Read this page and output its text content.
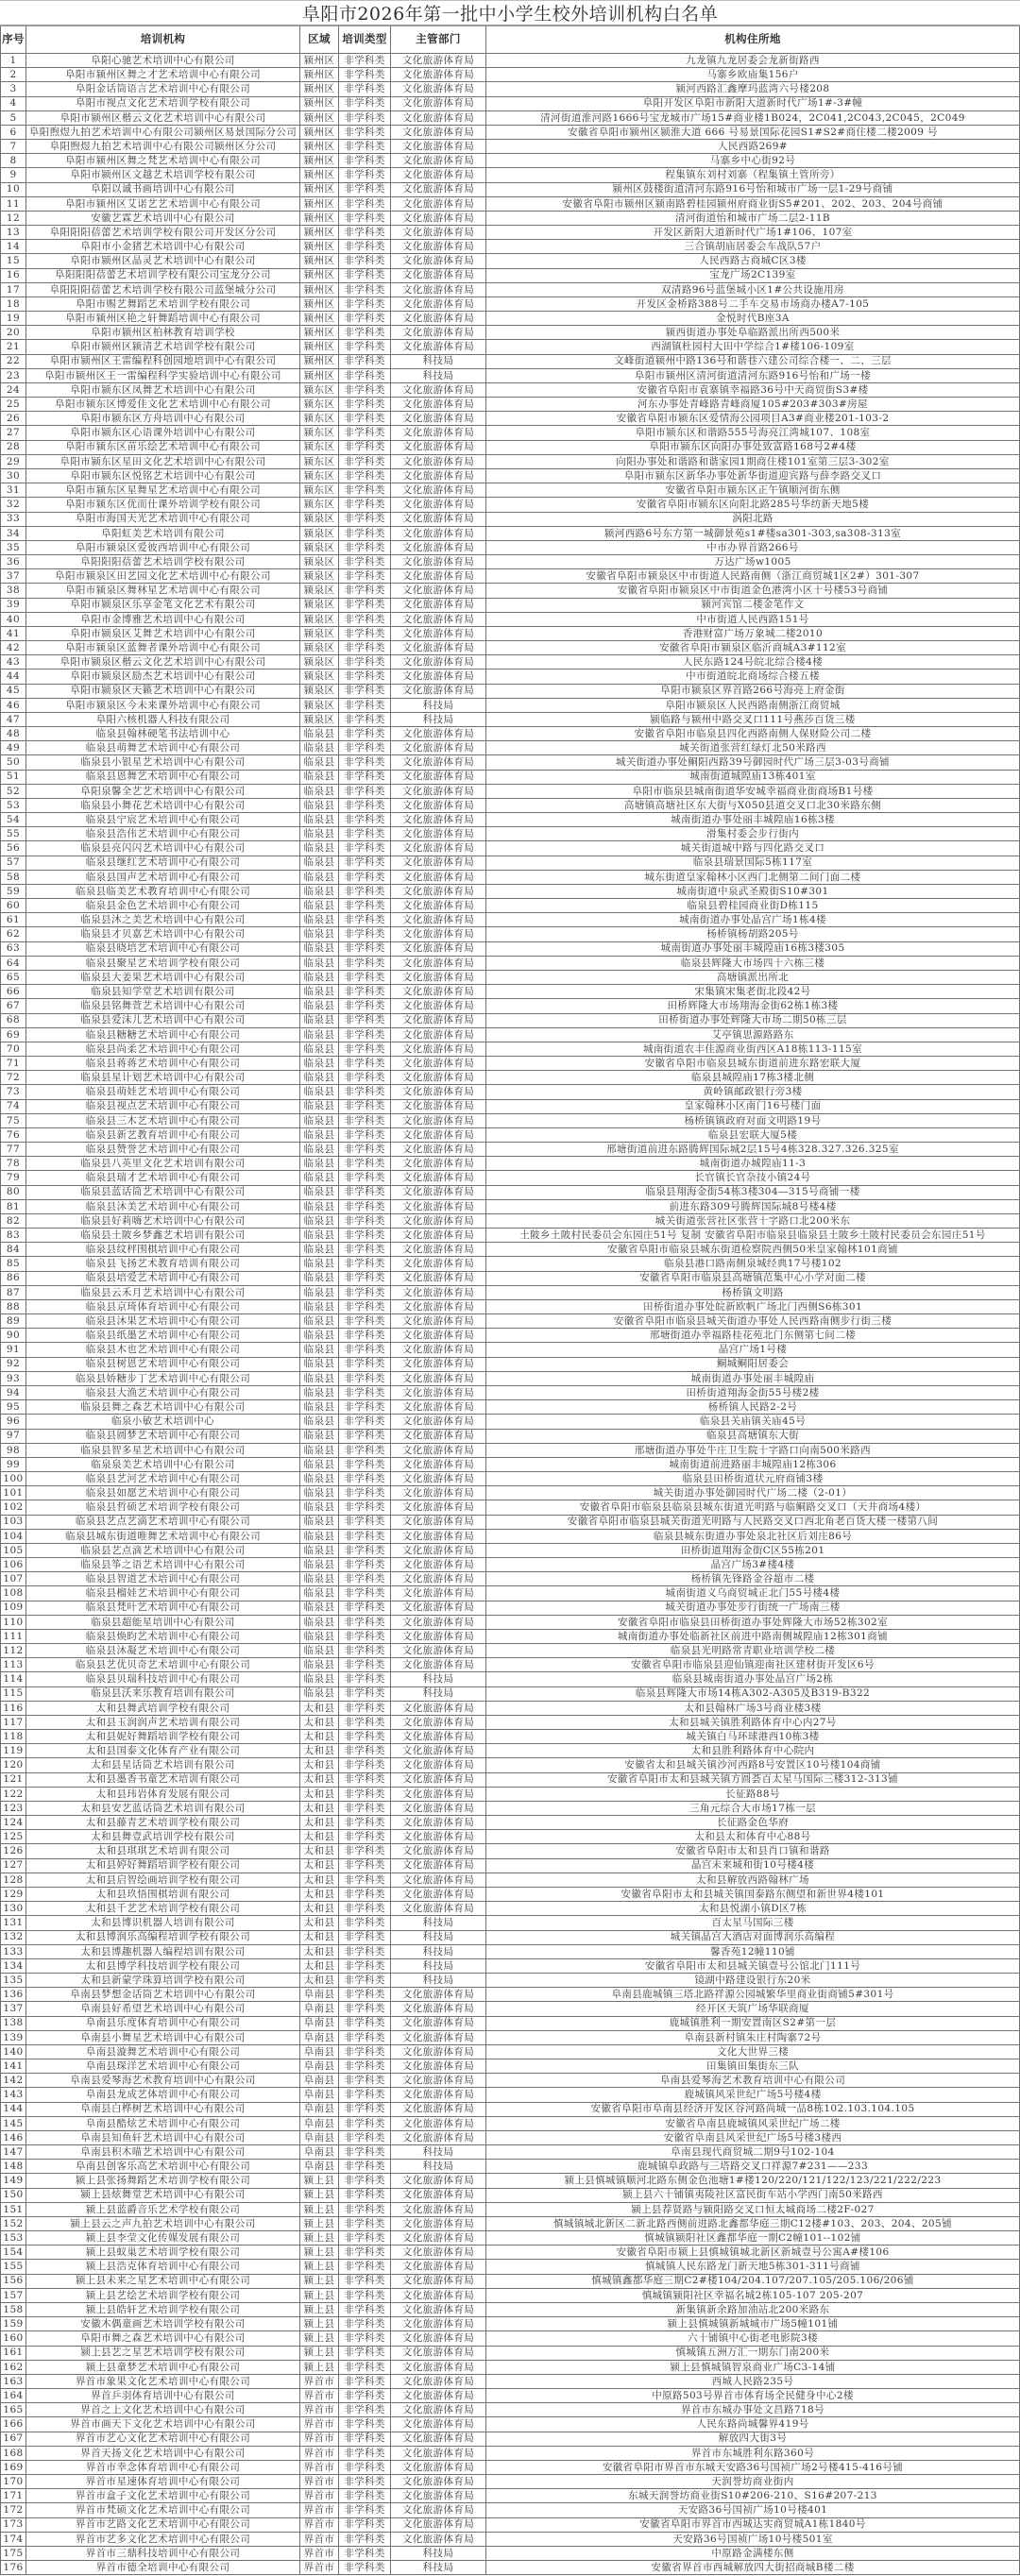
阜阳市2026年第一批中小学生校外培训机构白名单
序号	培训机构	区域	培训类型	主管部门	机构住所地
1	阜阳心驰艺术培训中心有限公司	颍州区 非学科类	文化旅游体育局	九龙镇九龙居委会龙新街路西
2	阜阳市颍州区舞之才艺术培训中心有限公司	颍州区 非学科类	文化旅游体育局	马寨乡欧庙集156户
3	阜阳金话筒语言艺术培训中心有限公司	颍州区 非学科类	文化旅游体育局	颍河西路汇鑫摩玛蓝湾六号楼208
4	阜阳市视点文化艺术培训学校有限公司	颍州区 非学科类	文化旅游体育局	阜阳开发区阜阳市新阳大道新时代广场1#-3#幢
5	阜阳市颍州区楷云文化艺术培训中心有限公司	颍州区 非学科类	文化旅游体育局	清河街道淮河路1666号宝龙城市广场15#商业楼1B024，2C041,2C043,2C045，2C049
6	阜阳煦煜九拍艺术培训中心有限公司颍州区易景国际分公司 颍州区 非学科类	文化旅游体育局	安徽省阜阳市颍州区颍淮大道 666 号易景国际花园S1#S2#商住楼二楼2009 号
7	阜阳煦煜九拍艺术培训中心有限公司颍州区分公司	颍州区 非学科类	文化旅游体育局	人民西路269#
8	阜阳市颍州区舞之梵艺术培训中心有限公司	颍州区 非学科类	文化旅游体育局	马寨乡中心街92号
9	阜阳市颍州区文越艺术培训学校有限公司	颍州区 非学科类	文化旅游体育局	程集镇东刘村刘寨（程集镇土管所旁）
10	阜阳以诚书画培训中心有限公司	颍州区 非学科类	文化旅游体育局	颍州区鼓楼街道清河东路916号怡和城市广场一层1-29号商铺
11	阜阳市颍州区艾诺艺艺术培训中心有限公司	颍州区 非学科类	文化旅游体育局	安徽省阜阳市颍州区颍南路碧桂园颍州府商业街S5#201、202、203、204号商铺
12	安徽艺霖艺术培训中心有限公司	颍州区 非学科类	文化旅游体育局	清河街道怡和城市广场二层2-11B
13	阜阳阳阳蓓蕾艺术培训学校有限公司开发区分公司	颍州区 非学科类	文化旅游体育局	开发区新阳大道新时代广场1#106、107室
14	阜阳市小金猪艺术培训中心有限公司	颍州区 非学科类	文化旅游体育局	三合镇胡庙居委会车战队57户
15	阜阳市颍州区晶灵艺术培训中心有限公司	颍州区 非学科类	文化旅游体育局	人民西路古商城C区3楼
16	阜阳阳阳蓓蕾艺术培训学校有限公司宝龙分公司	颍州区 非学科类	文化旅游体育局	宝龙广场2C139室
17	阜阳阳阳蓓蕾艺术培训学校有限公司蓝堡城分公司	颍州区 非学科类	文化旅游体育局	双清路96号蓝堡城小区1#公共设施用房
18	阜阳市赐艺舞蹈艺术培训学校有限公司	颍州区 非学科类	文化旅游体育局	开发区金桥路388号二手车交易市场商办楼A7-105
19	阜阳市颍州区艳之轩舞蹈培训中心有限公司	颍州区 非学科类	文化旅游体育局	金悦时代B座3A
20	阜阳市颍州区柏林教育培训学校	颍州区 非学科类	文化旅游体育局	颍西街道办事处阜临路派出所西500米
21	阜阳市颍州区颍清艺术培训学校有限公司	颍州区 非学科类	文化旅游体育局	西湖镇杜园村大田中学综合1#楼106-109室
22	阜阳市颍州区王雷编程科创园地培训中心有限公司	颍州区 非学科类	科技局	文峰街道颍州中路136号和谐巷六建公司综合楼一、二、三层
23	阜阳市颍州区王一雷编程科学实验培训中心有限公司	颍州区 非学科类	科技局	阜阳市颍州区清河街道清河东路916号怡和广场一楼
24	阜阳市颍东区凤舞艺术培训中心有限公司	颍东区 非学科类	文化旅游体育局	安徽省阜阳市袁寨镇幸福路36号中天商贸街S3#楼
25	阜阳市颍东区博爱佳文化艺术培训中心有限公司	颍东区 非学科类	文化旅游体育局	河东办事处青峰路青峰商厦105#203#303#房屋
26	阜阳市颍东区方舟培训中心有限公司	颍东区 非学科类	文化旅游体育局	安徽省阜阳市颍东区爱情海公园项目A3#商业楼201-103-2
27	阜阳市颍东区心语课外培训中心有限公司	颍东区 非学科类	文化旅游体育局	阜阳市颍东区和谐路555号海亮江湾城107、108室
28	阜阳市颍东区苗乐绘艺术培训中心有限公司	颍东区 非学科类	文化旅游体育局	阜阳市颍东区向阳办事处致富路168号2#4楼
29	阜阳市颍东区星田文化艺术培训中心有限公司	颍东区 非学科类	文化旅游体育局	向阳办事处和谐路和谐家园1期商住楼101室第三层3-302室
30	阜阳市颍东区悦铭艺术培训中心有限公司	颍东区 非学科类	文化旅游体育局	阜阳市颍东区新华办事处新华街道迎宾路与薛李路交叉口
31	阜阳市颍东区星舞星艺术培训中心有限公司	颍东区 非学科类	文化旅游体育局	安徽省阜阳市颍东区正午镇顺河街东侧
32	阜阳市颍东区优而仕课外培训学校有限公司	颍东区 非学科类	文化旅游体育局	安徽省阜阳市颍东区向阳北路285号华纺新天地5楼
33	阜阳市海国天光艺术培训中心有限公司	颍泉区 非学科类	文化旅游体育局	涡阳北路
34	阜阳虹美艺术培训有限公司	颍泉区 非学科类	文化旅游体育局	颍河西路6号东方第一城御景苑s1#楼sa301-303,sa308-313室
35	阜阳市颍泉区爱彼西培训中心有限公司	颍泉区 非学科类	文化旅游体育局	中市办界首路266号
36	阜阳阳阳蓓蕾艺术培训学校有限公司	颍泉区 非学科类	文化旅游体育局	万达广场w1005
37	阜阳市颍泉区田艺园文化艺术培训中心有限公司	颍泉区 非学科类	文化旅游体育局	安徽省阜阳市颍泉区中市街道人民路南侧（浙江商贸城1区2#）301-307
38	阜阳市颍泉区舞林星艺术培训中心有限公司	颍泉区 非学科类	文化旅游体育局	安徽省阜阳市颍泉区中市街道金色港湾小区十号楼53号商铺
39	阜阳市颍泉区乐享金笔文化艺术有限公司	颍泉区 非学科类	文化旅游体育局	颍河宾馆二楼金笔作文
40	阜阳市金博雅艺术培训中心有限公司	颍泉区 非学科类	文化旅游体育局	中市街道人民西路151号
41	阜阳市颍泉区艾舞艺术培训中心有限公司	颍泉区 非学科类	文化旅游体育局	香港财富广场万象城二楼2010
42	阜阳市颍泉区蓝舞者课外培训中心有限公司	颍泉区 非学科类	文化旅游体育局	安徽省阜阳市颍泉区临沂商城A3#112室
43	阜阳市颍泉区楷云文化艺术培训中心有限公司	颍泉区 非学科类	文化旅游体育局	人民东路124号皖北综合楼4楼
44	阜阳市颍泉区励杰艺术培训中心有限公司	颍泉区 非学科类	文化旅游体育局	中市街道皖北商场综合楼五楼
45	阜阳市颍泉区天籁艺术培训中心有限公司	颍泉区 非学科类	文化旅游体育局	阜阳市颍泉区界首路266号海亮上府金街
46	阜阳市颍泉区今未来课外培训中心有限公司	颍泉区 非学科类	科技局	阜阳市颍泉区人民西路南侧浙江商贸城
47	阜阳六核机器人科技有限公司	颍泉区 非学科类	科技局	颍临路与颍州中路交叉口111号燕莎百货三楼
48	临泉县翰林硬笔书法培训中心	临泉县 非学科类	文化旅游体育局	安徽省阜阳市临泉县四化西路南侧人保财险公司二楼
49	临泉县萌舞艺术培训中心有限公司	临泉县 非学科类	文化旅游体育局	城关街道张营红绿灯北50米路西
50	临泉县小银星艺术培训中心有限公司	临泉县 非学科类	文化旅游体育局	城关街道办事处鲖阳西路39号御园时代广场三层3-03号商铺
51	临泉县恩舞艺术培训中心有限公司	临泉县 非学科类	文化旅游体育局	城南街道城隍庙13栋401室
52	阜阳泉馨全艺艺术培训中心有限公司	临泉县 非学科类	文化旅游体育局	阜阳市临泉县城南街道华安城幸福商业街商场B1号楼
53	临泉县小舞花艺术培训中心有限公司	临泉县 非学科类	文化旅游体育局	高塘镇高塘社区东大街与X050县道交叉口北30米路东侧
54	临泉县宁宸艺术培训中心有限公司	临泉县 非学科类	文化旅游体育局	城南街道办事处丽丰城隍庙16栋3楼
55	临泉县浩伟艺术培训中心有限公司	临泉县 非学科类	文化旅游体育局	滑集村委会步行街内
56	临泉县亮闪闪艺术培训中心有限公司	临泉县 非学科类	文化旅游体育局	城关街道城中路与四化路交叉口
57	临泉县继红艺术培训中心有限公司	临泉县 非学科类	文化旅游体育局	临泉县瑞景国际5栋117室
58	临泉县国声艺术培训中心有限公司	临泉县 非学科类	文化旅游体育局	城东街道皇家翰林小区西门北侧第二间门面二楼
59	临泉县临美艺术教育培训中心有限公司	临泉县 非学科类	文化旅游体育局	城南街道中泉武圣殿街S10#301
60	临泉县金色艺术培训中心有限公司	临泉县 非学科类	文化旅游体育局	临泉县碧桂园商业街D栋115
61	临泉县沐之美艺术培训中心有限公司	临泉县 非学科类	文化旅游体育局	城南街道办事处晶宫广场1栋4楼
62	临泉县才贝嘉艺术培训中心有限公司	临泉县 非学科类	文化旅游体育局	杨桥镇杨胡路205号
63	临泉县晓培艺术培训中心有限公司	临泉县 非学科类	文化旅游体育局	城南街道办事处丽丰城隍庙16栋3楼305
64	临泉县聚星艺术培训学校有限公司	临泉县 非学科类	文化旅游体育局	临泉县辉隆大市场四十六栋三楼
65	临泉县大姜果艺术培训中心有限公司	临泉县 非学科类	文化旅游体育局	高塘镇派出所北
66	临泉县知学堂艺术培训有限公司	临泉县 非学科类	文化旅游体育局	宋集镇宋集老街北段42号
67	临泉县铭舞萱艺术培训中心有限公司	临泉县 非学科类	文化旅游体育局	田桥辉隆大市场翔海金街62栋1栋3楼
68	临泉县爱沫儿艺术培训中心有限公司	临泉县 非学科类	文化旅游体育局	田桥街道办事处辉隆大市场二期50栋三层
69	临泉县糖糖艺术培训中心有限公司	临泉县 非学科类	文化旅游体育局	艾亭镇思源路路东
70	临泉县尚柔艺术培训中心有限公司	临泉县 非学科类	文化旅游体育局	城南街道农丰佳源商业街西区A18栋113-115室
71	临泉县蒋蒋艺术培训中心有限公司	临泉县 非学科类	文化旅游体育局	安徽省阜阳市临泉县城东街道前进东路宏联大厦
72	临泉县星计划艺术培训中心有限公司	临泉县 非学科类	文化旅游体育局	临泉县城隍庙17栋3楼北侧
73	临泉县萌娃艺术培训中心有限公司	临泉县 非学科类	文化旅游体育局	黄岭镇邮政银行旁3楼
74	临泉县视点艺术培训中心有限公司	临泉县 非学科类	文化旅游体育局	皇家翰林小区南门16号楼门面
75	临泉县三木艺术培训中心有限公司	临泉县 非学科类	文化旅游体育局	杨桥镇镇政府对面文明路19号
76	临泉县新艺教育培训中心有限公司	临泉县 非学科类	文化旅游体育局	临泉县宏联大厦5楼
77	临泉县赞誉艺术培训中心有限公司	临泉县 非学科类	文化旅游体育局	邢塘街道前进东路腾辉国际城2层15号4栋328.327.326.325室
78	临泉县八英里文化艺术培训有限公司	临泉县 非学科类	文化旅游体育局	城南街道办城隍庙11-3
79	临泉县瑞才艺术培训中心有限公司	临泉县 非学科类	文化旅游体育局	长官镇长官杂技小镇24号
80	临泉县蓝话筒艺术培训中心有限公司	临泉县 非学科类	文化旅游体育局	临泉县翔海金街54栋3楼304—315号商铺一楼
81	临泉县沐美艺术培训中心有限公司	临泉县 非学科类	文化旅游体育局	前进东路309号腾辉国际城8号楼4楼
82	临泉县好莉嗨艺术培训中心有限公司	临泉县 非学科类	文化旅游体育局	城关街道张营社区张营十字路口北200米东
83	临泉县土陂乡梦鑫艺术培训有限公司	临泉县 非学科类	文化旅游体育局	土陂乡土陂村民委员会东园庄51号 复制 安徽省阜阳市临泉县临泉县土陂乡土陂村民委员会东园庄51号
84	临泉县纹枰围棋培训中心有限公司	临泉县 非学科类	文化旅游体育局	安徽省阜阳市临泉县城东街道检察院西侧50米皇家翰林101商铺
85	临泉县飞扬艺术教育培训有限公司	临泉县 非学科类	文化旅游体育局	临泉县港口路南侧泉城经典17号楼102
86	临泉县培爱艺术培训中心有限公司	临泉县 非学科类	文化旅游体育局	安徽省阜阳市临泉县高塘镇范集中心小学对面二楼
87	临泉县云禾月艺术培训中心有限公司	临泉县 非学科类	文化旅游体育局	杨桥镇文明路
88	临泉县京琦体育培训中心有限公司	临泉县 非学科类	文化旅游体育局	田桥街道办事处皖新欧帆广场北门西侧S6栋301
89	临泉县沐果艺术培训中心有限公司	临泉县 非学科类	文化旅游体育局	安徽省阜阳市临泉县城关街道办事处人民西路南侧步行街三楼
90	临泉县纸墨艺术培训中心有限公司	临泉县 非学科类	文化旅游体育局	邢塘街道办幸福路桂花苑北门东侧第七间二楼
91	临泉县木也艺术培训中心有限公司	临泉县 非学科类	文化旅游体育局	晶宫广场1号楼
92	临泉县树恩艺术培训中心有限公司	临泉县 非学科类	文化旅游体育局	鲖城鲖阳居委会
93	临泉县娇糖步丁艺术培训中心有限公司	临泉县 非学科类	文化旅游体育局	城南街道办事处丽丰城隍庙
94	临泉县大渔艺术培训中心有限公司	临泉县 非学科类	文化旅游体育局	田桥街道翔海金街55号楼2楼
95	临泉县舞之森艺术培训中心有限公司	临泉县 非学科类	文化旅游体育局	杨桥镇人民路2-2号
96	临泉小敏艺术培训中心	临泉县 非学科类	文化旅游体育局	临泉县关庙镇关庙45号
97	临泉县圆梦艺术培训中心有限公司	临泉县 非学科类	文化旅游体育局	临泉县高塘镇东大街
98	临泉县智多星艺术培训中心有限公司	临泉县 非学科类	文化旅游体育局	邢塘街道办事处牛庄卫生院十字路口向南500米路西
99	临泉泉美艺术培训中心有限公司	临泉县 非学科类	文化旅游体育局	城南街道前进路丽丰城隍庙12栋306
100	临泉县艺河艺术培训中心有限公司	临泉县 非学科类	文化旅游体育局	临泉县田桥街道状元府商铺3楼
101	临泉县如愿艺术培训中心有限公司	临泉县 非学科类	文化旅游体育局	城关街道办事处御园时代广场二楼（2-01）
102	临泉县哲硕艺术培训学校有限公司	临泉县 非学科类	文化旅游体育局	安徽省阜阳市临泉县临泉县城东街道光明路与临鲖路交叉口（天井商场4楼）
103	临泉县艺点艺滴艺术培训中心有限公司	临泉县 非学科类	文化旅游体育局	安徽省阜阳市临泉县城关街道光明路与人民路交叉口西北角老百货大楼一楼第八间
104	临泉县城东街道唯舞艺术培训中心有限公司	临泉县 非学科类	文化旅游体育局	临泉县城东街道办事处泉北社区后刘庄86号
105	临泉县艺点滴艺术培训中心有限公司	临泉县 非学科类	文化旅游体育局	田桥街道翔海金街C区55栋201
106	临泉县筝之语艺术培训中心有限公司	临泉县 非学科类	文化旅游体育局	晶宫广场3#楼4楼
107	临泉县智道艺术培训中心有限公司	临泉县 非学科类	文化旅游体育局	杨桥镇先锋路金谷超市二楼
108	临泉县榴娃艺术培训中心有限公司	临泉县 非学科类	文化旅游体育局	城南街道义乌商贸城正北门55号楼4楼
109	临泉县梵叶艺术培训中心有限公司	临泉县 非学科类	文化旅游体育局	城关街道办事处步行街统一广场南三楼
110	临泉县超能星培训中心有限公司	临泉县 非学科类	文化旅游体育局	安徽省阜阳市临泉县田桥街道办事处辉隆大市场52栋302室
111	临泉县焕昀艺术培训中心有限公司	临泉县 非学科类	文化旅游体育局	城南街道办事处临新社区前进中路南侧城隍庙12栋301商铺
112	临泉县沐凝艺术培训中心有限公司	临泉县 非学科类	文化旅游体育局	临泉县光明路常青职业培训学校二楼
113	临泉县艺优贝奇艺术培训中心有限公司	临泉县 非学科类	文化旅游体育局	安徽省阜阳市临泉县迎仙镇迎南社区建材街开发区6号
114	临泉县贝瑞科技培训中心有限公司	临泉县 非学科类	科技局	临泉县城南街道办事处晶宫广场2栋
115	临泉县沃来乐教育培训有限公司	临泉县 非学科类	科技局	临泉县辉隆大市场14栋A302-A305及B319-B322
116	太和县舞武培训学校有限公司	太和县 非学科类	文化旅游体育局	太和县翰林广场3号商业楼3楼
117	太和县玉润润声艺术培训有限公司	太和县 非学科类	文化旅游体育局	太和县城关镇胜利路体育中心内27号
118	太和县妮好舞蹈培训学校有限公司	太和县 非学科类	文化旅游体育局	城关镇白马环球港西10栋3楼
119	太和县国泰文化体育产业有限公司	太和县 非学科类	文化旅游体育局	太和县胜利路体育中心院内
120	太和县星话筒艺术培训有限公司	太和县 非学科类	文化旅游体育局	安徽省太和县城关镇沙河西路8号安置区10号楼104商铺
121	太和县墨香书童艺术培训有限公司	太和县 非学科类	文化旅游体育局	安徽省阜阳市太和县城关镇方圆荟百太星马国际三楼312-313铺
122	太和县玮岩体育发展有限公司	太和县 非学科类	文化旅游体育局	长征路88号
123	太和县安艺蓝话筒艺术培训有限公司	太和县 非学科类	文化旅游体育局	三角元综合大市场17栋一层
124	太和县藤青艺术培训学校有限公司	太和县 非学科类	文化旅游体育局	长征路金色华府
125	太和县舞壹武培训学校有限公司	太和县 非学科类	文化旅游体育局	太和县太和体育中心88号
126	太和县琪琪艺术培训有限公司	太和县 非学科类	文化旅游体育局	安徽省阜阳市太和县肖口镇和谐路
127	太和县婷好舞蹈培训学校有限公司	太和县 非学科类	文化旅游体育局	晶宫未来城和街10号楼4楼
128	太和县启智绘画培训学校有限公司	太和县 非学科类	文化旅游体育局	太和县解放西路翰林广场
129	太和县玖悟围棋培训有限公司	太和县 非学科类	文化旅游体育局	安徽省阜阳市太和县城关镇国泰路东侧望和新世界4楼101
130	太和县千艺艺术培训学校有限公司	太和县 非学科类	文化旅游体育局	太和县悦湖小镇D区7栋
131	太和县博识机器人培训有限公司	太和县 非学科类	科技局	百太星马国际三楼
132	太和县博润乐高编程培训学校有限公司	太和县 非学科类	科技局	城关镇晶宫大酒店对面博润乐高编程
133	太和县博趣机器人编程培训有限公司	太和县 非学科类	科技局	馨香苑12幢110铺
134	太和县博学科技培训学校有限公司	太和县 非学科类	科技局	安徽省阜阳市太和县城关镇壹号公馆北门111号
135	太和县新蒙学珠算培训学校有限公司	太和县 非学科类	科技局	镜湖中路建设银行东20米
136	阜南县梦想金话筒艺术培训中心有限公司	阜南县 非学科类	文化旅游体育局	阜南县鹿城镇三塔北路祥源公园城繁华里商业街商铺5#301号
137	阜南县好希望艺术培训中心有限公司	阜南县 非学科类	文化旅游体育局	经开区天筑广场华联商厦
138	阜南县乐度体育培训中心有限公司	阜南县 非学科类	文化旅游体育局	鹿城镇胜利一期安置南区S2#第一层
139	阜南县小舞星艺术培训中心有限公司	阜南县 非学科类	文化旅游体育局	阜南县新村镇朱庄村陶寨72号
140	阜南县漩舞艺术培训中心有限公司	阜南县 非学科类	文化旅游体育局	文化大世界三楼
141	阜南县琛洋艺术培训中心有限公司	阜南县 非学科类	文化旅游体育局	田集镇田集街东三队
142	阜南县爱琴海艺术教育培训中心有限公司	阜南县 非学科类	文化旅游体育局	阜南县爱琴海艺术教育培训中心有限公司
143	阜南县龙成艺体培训中心有限公司	阜南县 非学科类	文化旅游体育局	鹿城镇风采世纪广场5号楼4楼
144	阜南县白桦树艺术培训中心有限公司	阜南县 非学科类	文化旅游体育局	安徽省阜阳市阜南县经济开发区谷河路尚城一品8栋102.103.104.105
145	阜南县酷炫艺术培训中心有限公司	阜南县 非学科类	文化旅游体育局	安徽省阜南县鹿城镇风采世纪广场二楼
146	阜南县知鱼轩艺术培训中心有限公司	阜南县 非学科类	文化旅游体育局	安徽省阜南县风采世纪广场5号楼3楼西
147	阜南县积木喵艺术培训中心有限公司	阜南县 非学科类	科技局	阜南县现代商贸城二期9号102-104
148	阜南县创客乐高艺术培训中心有限公司	阜南县 非学科类	科技局	鹿城镇阜政路与三塔路交叉口祥源7#231——233
149	颍上县张扬舞蹈艺术培训学校有限公司	颍上县 非学科类	文化旅游体育局	颍上县慎城镇顺河北路东侧金色池塘1#楼120/220/121/122/123/221/222/223
150	颍上县炫舞堂艺术培训中心有限公司	颍上县 非学科类	文化旅游体育局	颍上县六十铺镇夷陵社区富民街车站小学西门南50米路西
151	颍上县蓝爵音乐艺术学校有限公司	颍上县 非学科类	文化旅游体育局	颍上县荐贤路与颍阳路交叉口恒太城商场二楼2F-027
152	颍上县云之声九拍艺术培训中心有限公司	颍上县 非学科类	文化旅游体育局	慎城镇城北新区二新北路西侧前进路北鑫都华庭三期C12楼#103、203、204、205铺
153	颍上县李莹文化传媒发展有限公司	颍上县 非学科类	文化旅游体育局	慎城镇颍阳社区鑫都华庭一期C2幢101--102铺
154	颍上县蚁巢艺术培训学校有限公司	颍上县 非学科类	文化旅游体育局	安徽省阜阳市颍上县慎城镇城北新区新城壹号公寓A#楼106
155	颍上县浩克体育培训中心有限公司	颍上县 非学科类	文化旅游体育局	慎城镇人民东路龙门新天地5栋301-311号商铺
156	颍上县未来之星艺术培训中心有限公司	颍上县 非学科类	文化旅游体育局	慎城镇鑫都华庭三期C2#楼104/204.107/207.105/205.106/206铺
157	颍上县艺绘艺术培训学校有限公司	颍上县 非学科类	文化旅游体育局	慎城镇颍阳社区幸福名城2栋105-107 205-207
158	颍上县皓轩艺术培训学校有限公司	颍上县 非学科类	文化旅游体育局	新集镇新余路加油站北200米路东
159	安徽木偶童画艺术培训学校有限公司	颍上县 非学科类	文化旅游体育局	颍上县慎城镇新城城市广场5幢101铺
160	阜阳市舞之森艺术培训中心有限公司	颍上县 非学科类	文化旅游体育局	六十铺镇中心街老电影院3楼
161	颍上县艺之星艺术培训学校有限公司	颍上县 非学科类	文化旅游体育局	慎城镇五洲万汇一期东门南200米
162	颍上县童梦艺术培训中心有限公司	颍上县 非学科类	文化旅游体育局	颍上县慎城镇智泉商业广场C3-14铺
163	界首市象果文化艺术培训中心有限公司	界首市 非学科类	文化旅游体育局	西城人民路235号
164	界首乒羽体育培训中心有限公司	界首市 非学科类	文化旅游体育局	中原路503号界首市体育场全民健身中心2楼
165	界首之上文化艺术培训中心有限公司	界首市 非学科类	文化旅游体育局	界首市东城办事处文昌路718号
166	界首市画天下文化艺术培训中心有限公司	界首市 非学科类	文化旅游体育局	人民东路尚城馨界419号
167	界首市艺心文化艺术培训中心有限公司	界首市 非学科类	文化旅游体育局	解放四大街3号
168	界首天扬文化艺术培训中心有限公司	界首市 非学科类	文化旅游体育局	界首市东城胜利东路360号
169	界首市幸念体育培训中心有限公司	界首市 非学科类	文化旅游体育局	安徽省阜阳市界首市东城天安路36号国祯广场2号楼415-416号铺
170	界首市星速体育培训中心有限公司	界首市 非学科类	文化旅游体育局	天润誉坊商业街内
171	界首市盒子文化艺术培训中心有限公司	界首市 非学科类	文化旅游体育局	东城天润誉坊商业街S10#206-210、S16#207-213
172	界首市梵硕文化艺术培训中心有限公司	界首市 非学科类	文化旅游体育局	天安路36号国祯广场10号楼401
173	界首市艺路文化艺术培训中心有限公司	界首市 非学科类	文化旅游体育局	安徽省阜阳市界首市西城达实商贸城A1栋1840号
174	界首市艺多文化艺术培训中心有限公司	界首市 非学科类	文化旅游体育局	天安路36号国祯广场10号楼501室
175	界首市三鼎科技培训中心有限公司	界首市 非学科类	科技局	中原路金满楼东侧
176	界首市德全培训中心有限公司	界首市 非学科类	科技局	安徽省界首市西城解放四大街招商城B楼二楼
